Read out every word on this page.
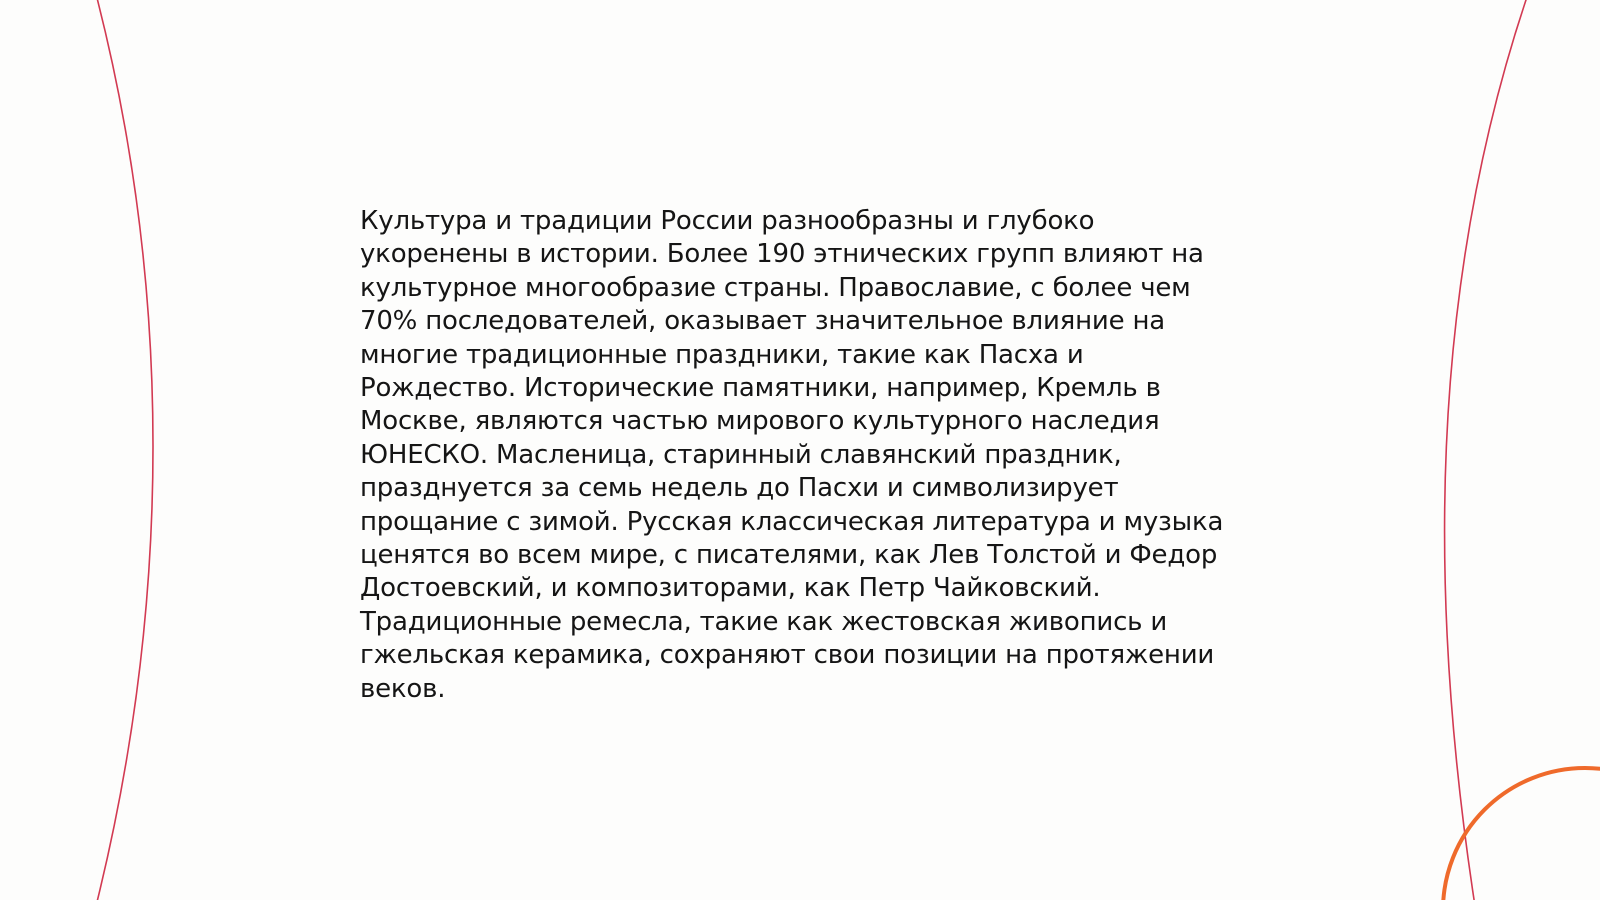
Культура и традиции России разнообразны и глубоко
укоренены в истории. Более 190 этнических групп влияют на
культурное многообразие страны. Православие, с более чем
70% последователей, оказывает значительное влияние на
многие традиционные праздники, такие как Пасха и
Рождество. Исторические памятники, например, Кремль в
Москве, являются частью мирового культурного наследия
ЮНЕСКО. Масленица, старинный славянский праздник,
празднуется за семь недель до Пасхи и символизирует
прощание с зимой. Русская классическая литература и музыка
ценятся во всем мире, с писателями, как Лев Толстой и Федор
Достоевский, и композиторами, как Петр Чайковский.
Традиционные ремесла, такие как жестовская живопись и
гжельская керамика, сохраняют свои позиции на протяжении
веков.
